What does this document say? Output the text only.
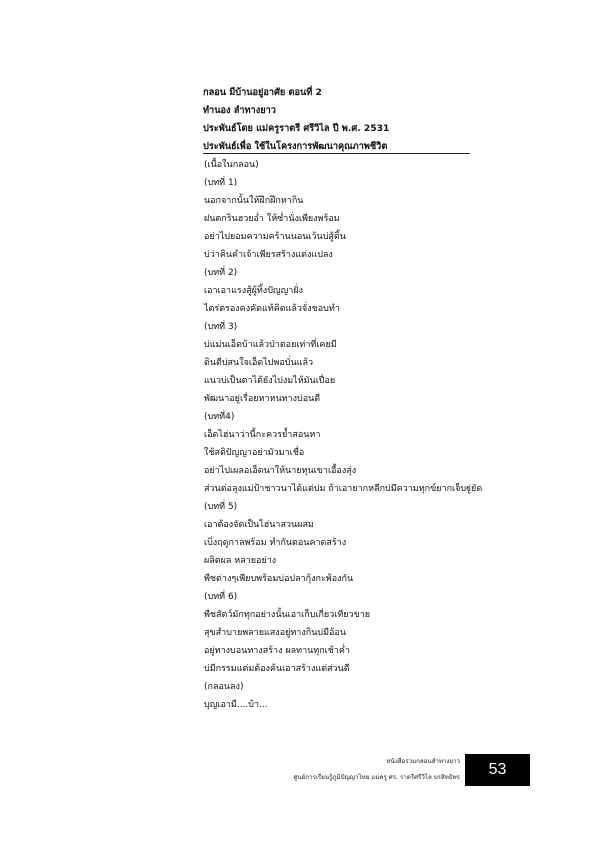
กลอน มีบ้านอยู่อาศัย ตอนที่ 2
ทำนอง ลำทางยาว
ประพันธ์โดย แม่ครูราตรี ศรีวิไล ปี พ.ศ. 2531
ประพันธ์เพื่อ ใช้ในโครงการพัฒนาคุณภาพชีวิต
(เนื้อในกลอน)
(บทที่ 1)
นอกจากนั้นให้ฝึกฝึกหากิน
ฝนตกรินฮวยอ่ำ ให้ซ่ำนั่งเพียงพร้อม
อย่าไปยอมความคร้านนอนเว้นบ่สู้ดิ้น
บ่ว่าคินคำเจ้าเพียรสร้างแต่งแปลง
(บทที่ 2)
เอาเอาแรงสู้ผู้ทิ้งปัญญาฝั่ง
ไตร่ตรองคงคัดแท้คิดแล้วจั่งชอบทำ
(บทที่ 3)
บ่แม่นเอ็ดบ้าแล้วป่าตอยเท่าที่เคยมี
ดินดีบ่สนใจเอ็ดไปพอบั่นแล้ว
แนวบ่เป็นตาได้ยังไปงมไห้มันเปื่อย
พัฒนาอยู่เรื่อยหาหนทางบ่อนดี
(บทที่4)
เอ็ดไฮ่นาว่านี้กะควรย้ำสอนหา
ใช้สติปัญญาอย่ามัวมาเชื่อ
อย่าไปเผลอเอ็ดนาให้นายทุนเขาเอื้องสุ่ง
ส่วนต่อลุงแม่ป้าชาวนาได้แต่ปม ถ้าเอายากหลีกบ่มีความทุกข์ยากเจ็บฐู่ยัด
(บทที่ 5)
เอาต้องจัดเป็นไฮ่นาสวนผสม
เบิ่งฤดูกาลพร้อม ทำกันตอนคาดสร้าง
ผลิตผล หลายอย่าง
พืชต่างๆเพียบพร้อมบ่อปลากุ้งกะพ้องกัน
(บทที่ 6)
พืชสัตว์มักทุกอย่างนั้นเอาเก็บเกี่ยวเทียวขาย
สุขสำบายพลายแสงอยู่ทางกินบ่มีอ้อน
อยู่ทางบอนทางสร้าง ผลทานทุกเช้าค่ำ
บ่มีกรรมแต่มต้องค้นเอาสร้างแต่ส่วนดี
(กลอนลง)
บุญเอามี....บ้า...
หนังสือรวมกลอนลำทางยาว
ศูนย์การเรียนรู้ภูมิปัญญาไทย แม่ครู ศร. ราตรีศรีวิไล บรสิทธิพร 53
